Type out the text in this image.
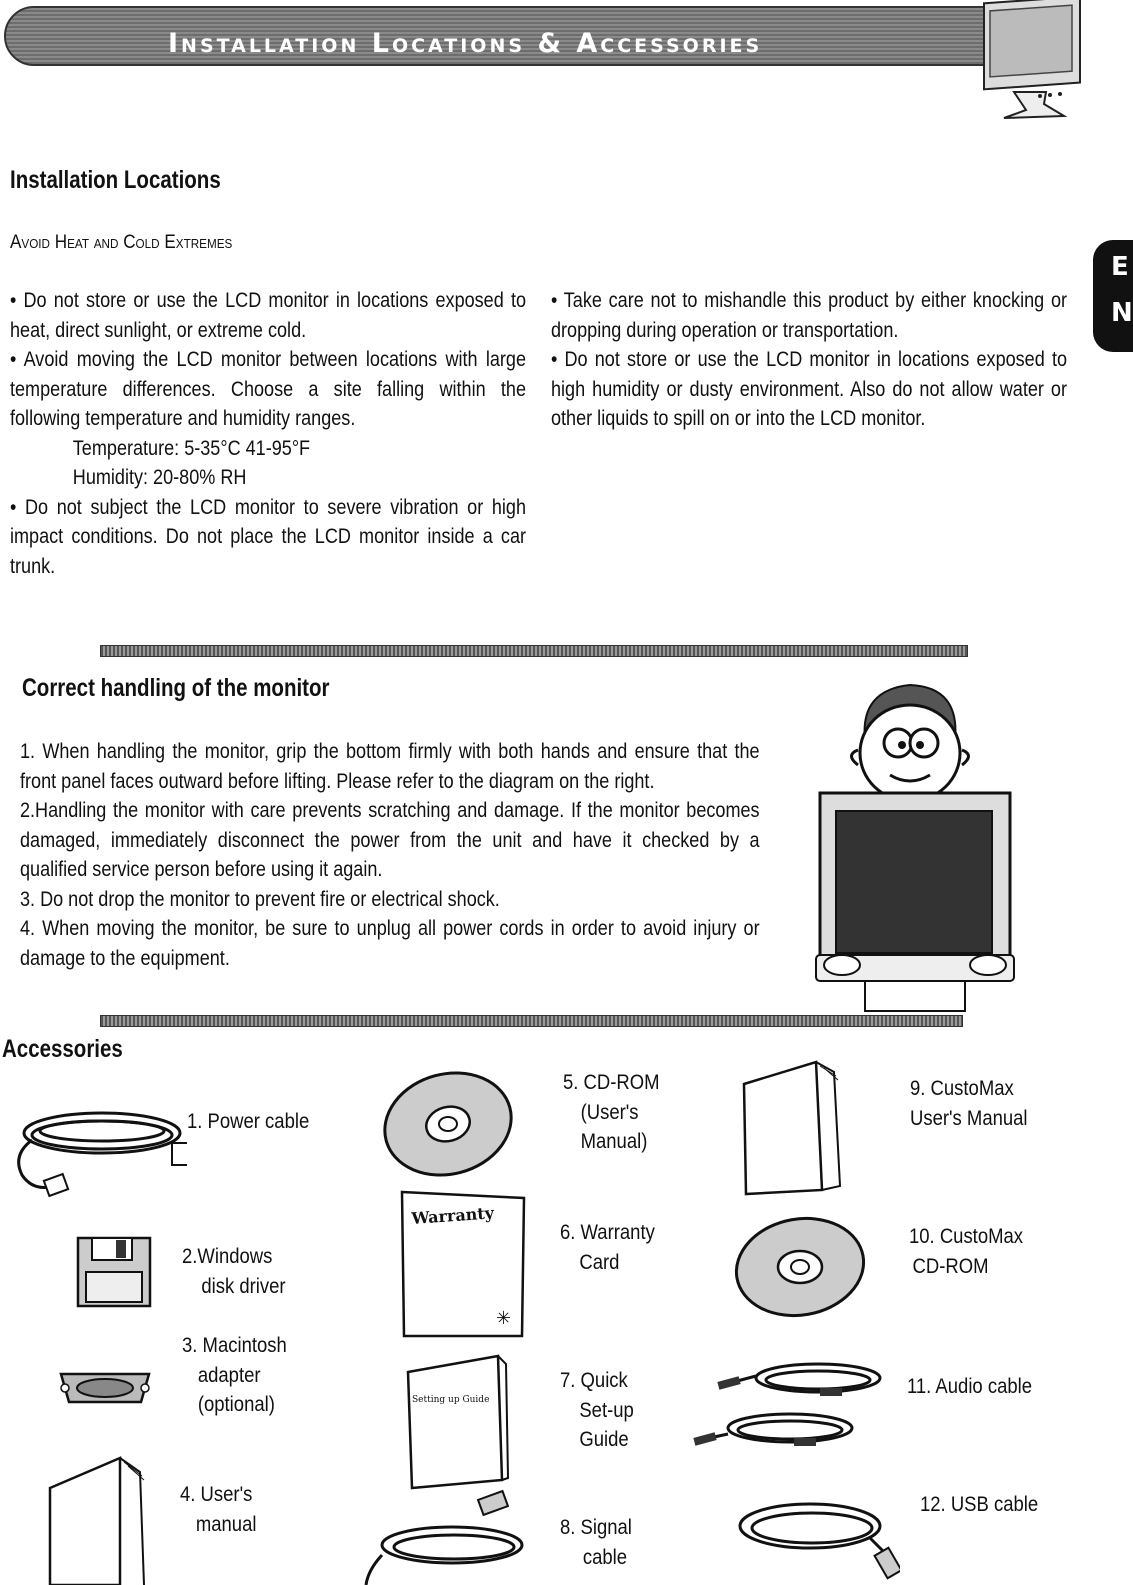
Installation Locations & Accessories
E
N
Installation Locations
Avoid Heat and Cold Extremes

• Do not store or use the LCD monitor in locations exposed to heat, direct sunlight, or extreme cold.

• Avoid moving the LCD monitor between locations with large temperature differences. Choose a site falling within the following temperature and humidity ranges.

Temperature: 5-35°C 41-95°F

Humidity: 20-80% RH

• Do not subject the LCD monitor to severe vibration or high impact conditions. Do not place the LCD monitor inside a car trunk.

• Take care not to mishandle this product by either knocking or dropping during operation or transportation.

• Do not store or use the LCD monitor in locations exposed to high humidity or dusty environment. Also do not allow water or other liquids to spill on or into the LCD monitor.

Correct handling of the monitor

1. When handling the monitor, grip the bottom firmly with both hands and ensure that the front panel faces outward before lifting. Please refer to the diagram on the right.

2.Handling the monitor with care prevents scratching and damage. If the monitor becomes damaged, immediately disconnect the power from the unit and have it checked by a qualified service person before using it again.

3. Do not drop the monitor to prevent fire or electrical shock.

4. When moving the monitor, be sure to unplug all power cords in order to avoid injury or damage to the equipment.

Accessories
1. Power cable
2.Windows
disk driver
3. Macintosh
adapter
(optional)
4. User's
manual
Warranty
✳
Setting up Guide
5. CD-ROM
(User's
Manual)
6. Warranty
Card
7. Quick
Set-up
Guide
8. Signal
cable
9. CustoMax
User's Manual
10. CustoMax
CD-ROM
11. Audio cable
12. USB cable
